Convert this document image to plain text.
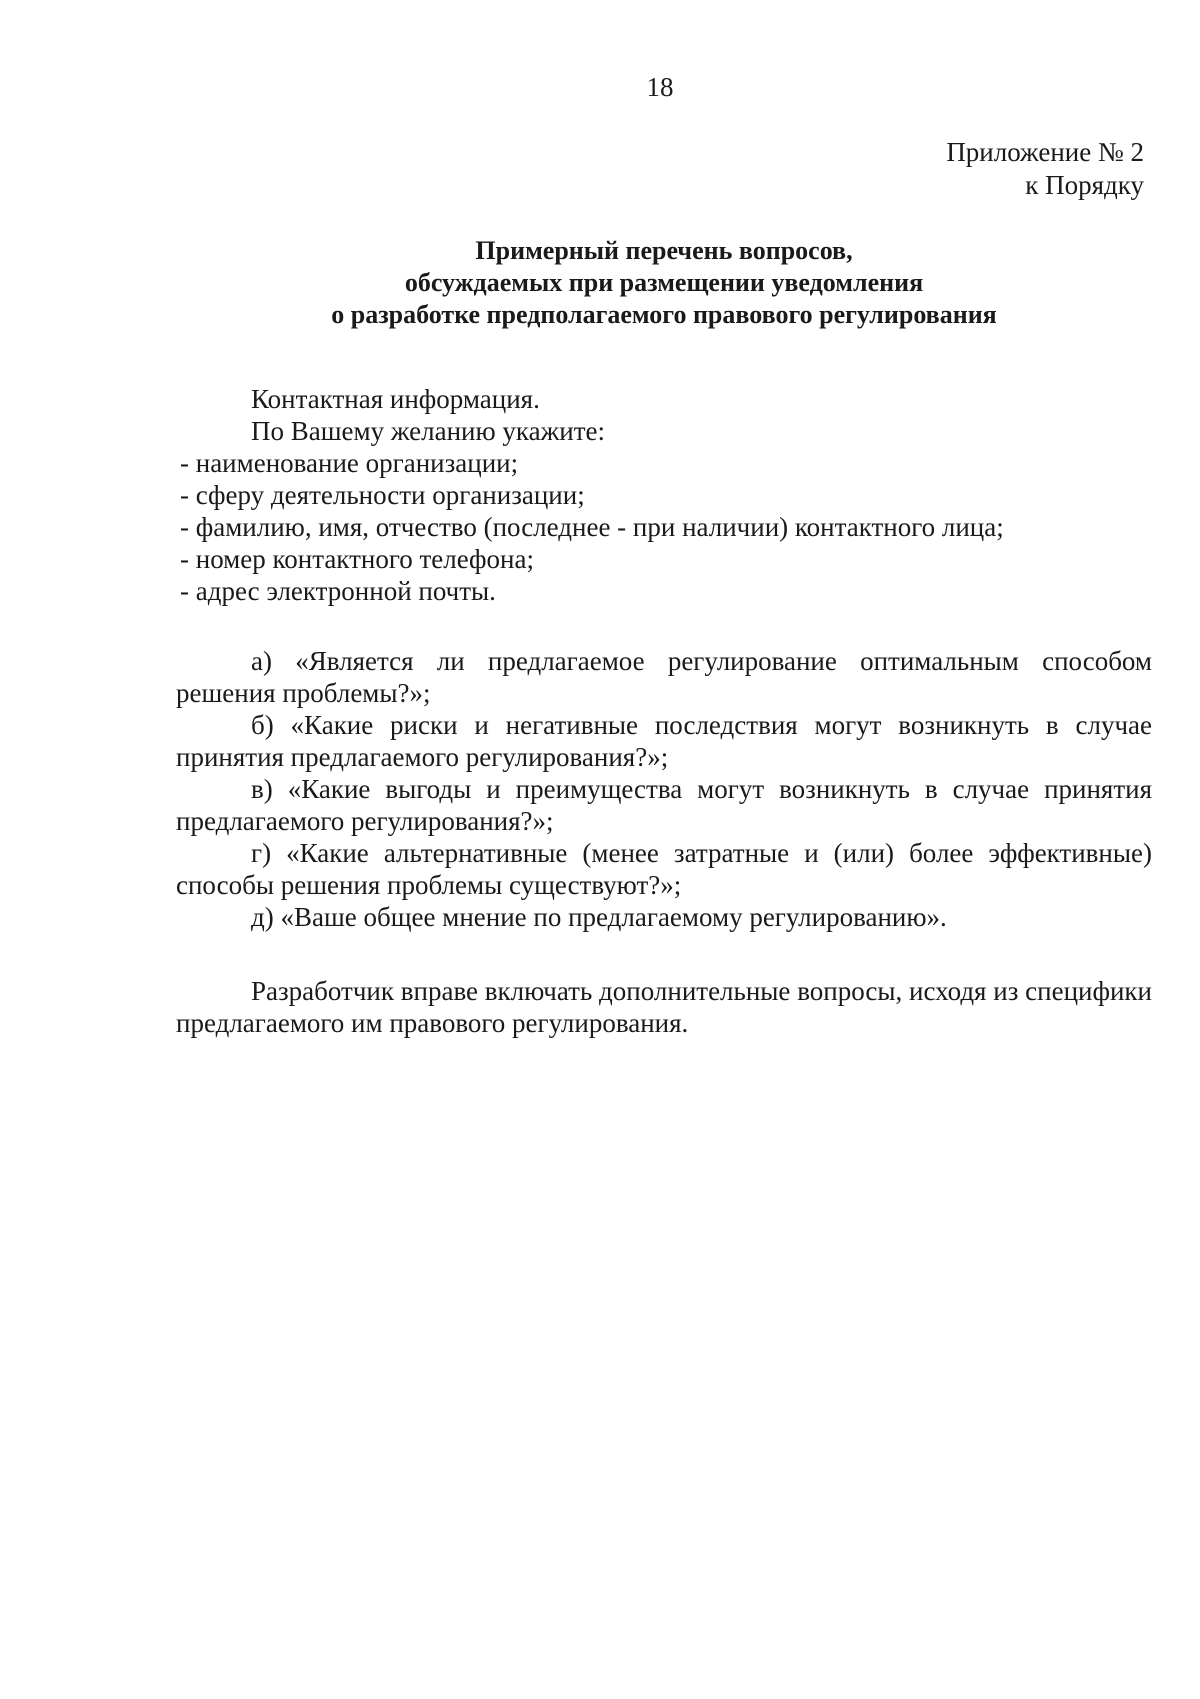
18
Приложение № 2
к Порядку
Примерный перечень вопросов,
обсуждаемых при размещении уведомления
о разработке предполагаемого правового регулирования
Контактная информация.
По Вашему желанию укажите:
- наименование организации;
- сферу деятельности организации;
- фамилию, имя, отчество (последнее - при наличии) контактного лица;
- номер контактного телефона;
- адрес электронной почты.
а) «Является ли предлагаемое регулирование оптимальным способом решения проблемы?»;
б) «Какие риски и негативные последствия могут возникнуть в случае принятия предлагаемого регулирования?»;
в) «Какие выгоды и преимущества могут возникнуть в случае принятия предлагаемого регулирования?»;
г) «Какие альтернативные (менее затратные и (или) более эффективные) способы решения проблемы существуют?»;
д) «Ваше общее мнение по предлагаемому регулированию».
Разработчик вправе включать дополнительные вопросы, исходя из специфики предлагаемого им правового регулирования.
